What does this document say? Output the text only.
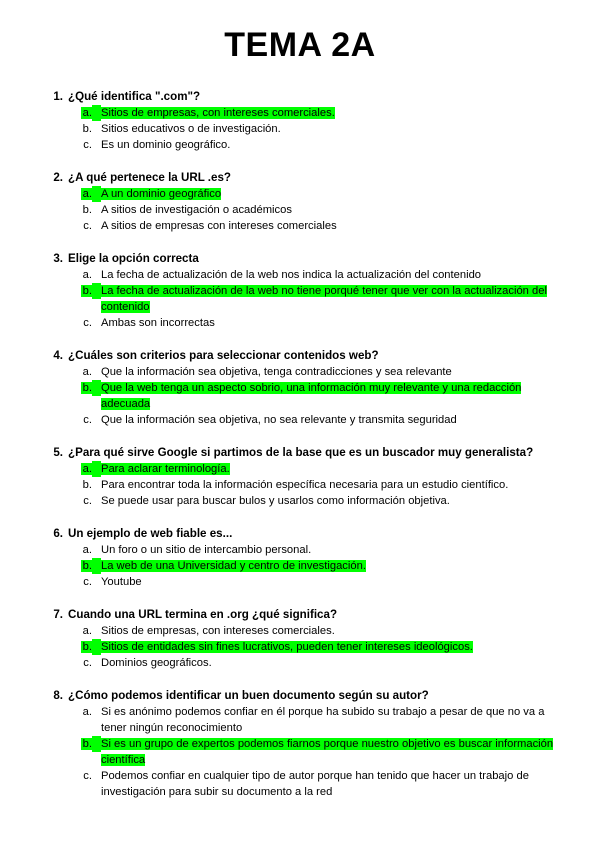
TEMA 2A
1. ¿Qué identifica ".com"?
a. Sitios de empresas, con intereses comerciales.
b. Sitios educativos o de investigación.
c. Es un dominio geográfico.
2. ¿A qué pertenece la URL .es?
a. A un dominio geográfico
b. A sitios de investigación o académicos
c. A sitios de empresas con intereses comerciales
3. Elige la opción correcta
a. La fecha de actualización de la web nos indica la actualización del contenido
b. La fecha de actualización de la web no tiene porqué tener que ver con la actualización del contenido
c. Ambas son incorrectas
4. ¿Cuáles son criterios para seleccionar contenidos web?
a. Que la información sea objetiva, tenga contradicciones y sea relevante
b. Que la web tenga un aspecto sobrio, una información muy relevante y una redacción adecuada
c. Que la información sea objetiva, no sea relevante y transmita seguridad
5. ¿Para qué sirve Google si partimos de la base que es un buscador muy generalista?
a. Para aclarar terminología.
b. Para encontrar toda la información específica necesaria para un estudio científico.
c. Se puede usar para buscar bulos y usarlos como información objetiva.
6. Un ejemplo de web fiable es...
a. Un foro o un sitio de intercambio personal.
b. La web de una Universidad y centro de investigación.
c. Youtube
7. Cuando una URL termina en .org ¿qué significa?
a. Sitios de empresas, con intereses comerciales.
b. Sitios de entidades sin fines lucrativos, pueden tener intereses ideológicos.
c. Dominios geográficos.
8. ¿Cómo podemos identificar un buen documento según su autor?
a. Si es anónimo podemos confiar en él porque ha subido su trabajo a pesar de que no va a tener ningún reconocimiento
b. Si es un grupo de expertos podemos fiarnos porque nuestro objetivo es buscar información científica
c. Podemos confiar en cualquier tipo de autor porque han tenido que hacer un trabajo de investigación para subir su documento a la red
